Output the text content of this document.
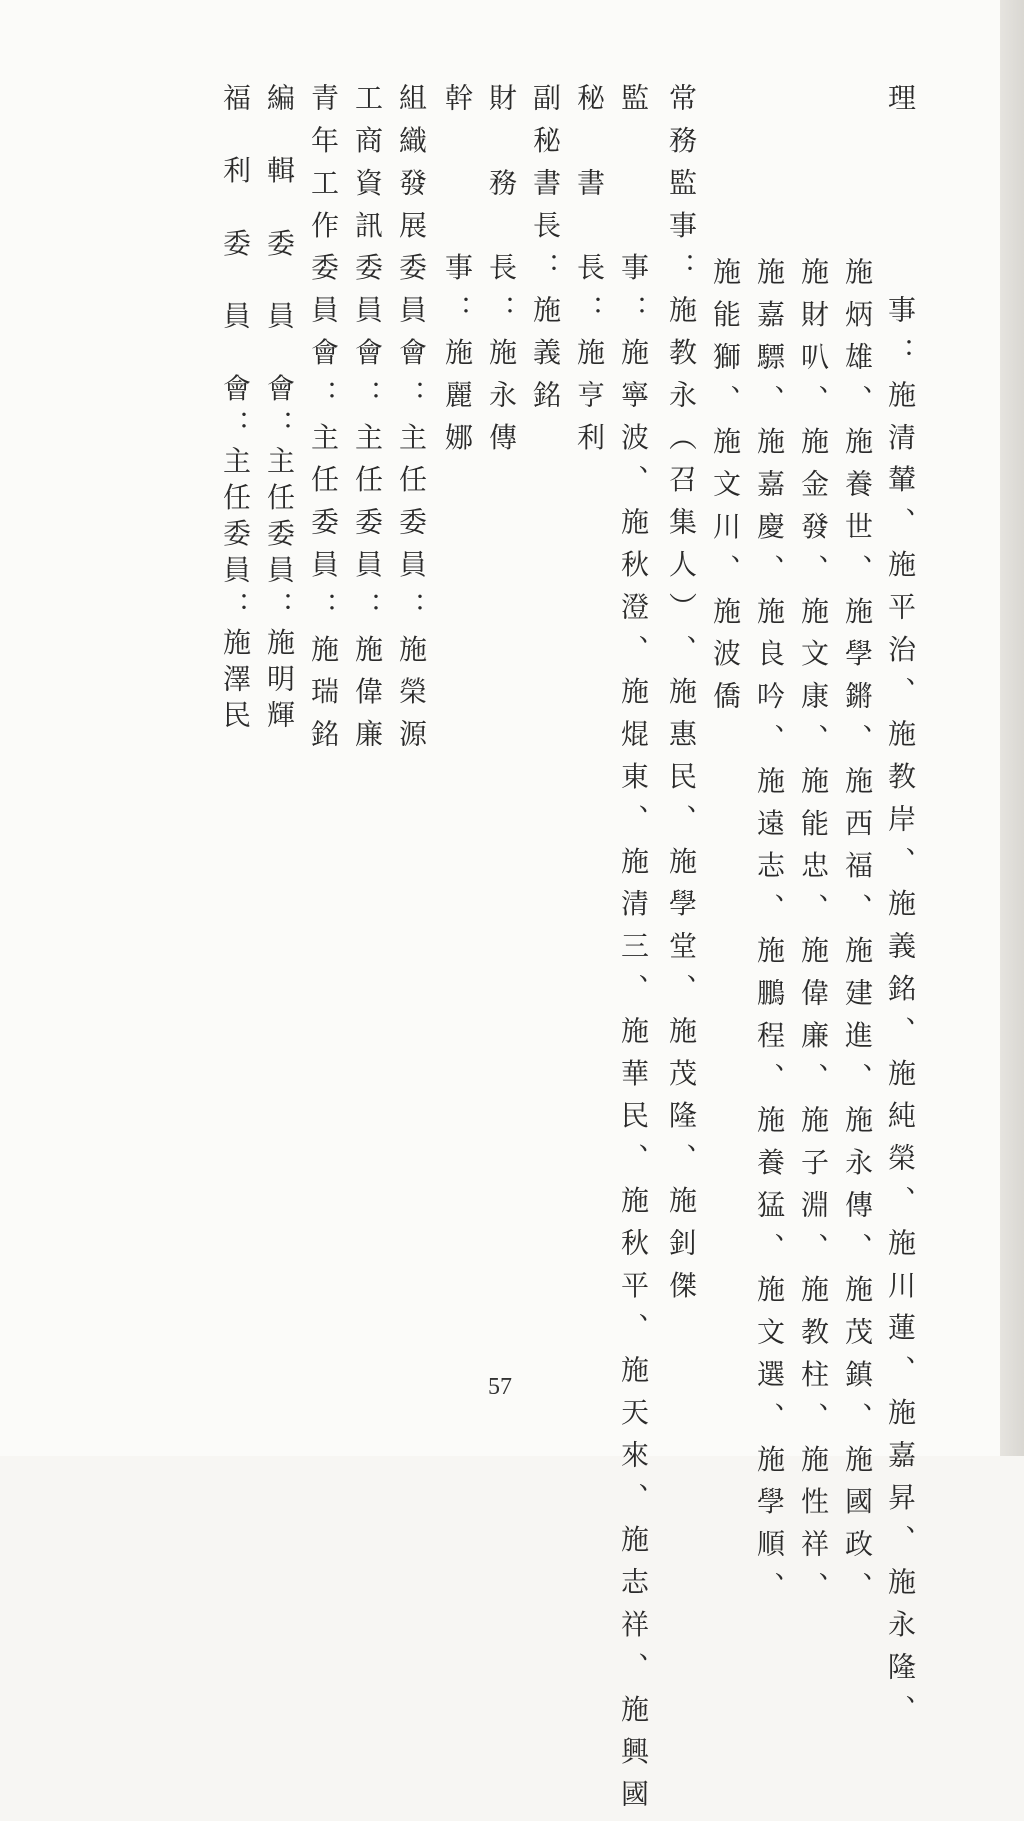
理　　　　事：施清輦、施平治、施教岸、施義銘、施純榮、施川蓮、施嘉昇、施永隆、
施炳雄、施養世、施學鏘、施西福、施建進、施永傳、施茂鎮、施國政、
施財叭、施金發、施文康、施能忠、施偉廉、施子淵、施教柱、施性祥、
施嘉驃、施嘉慶、施良吟、施遠志、施鵬程、施養猛、施文選、施學順、
施能獅、施文川、施波僑
常務監事：施教永︵召集人︶、施惠民、施學堂、施茂隆、施釗傑
監　　　事：施寧波、施秋澄、施焜東、施清三、施華民、施秋平、施天來、施志祥、施興國
秘　書　長：施亨利
副秘書長：施義銘
財　務　長：施永傳
幹　　　事：施麗娜
組織發展委員會：主任委員：施榮源
工商資訊委員會：主任委員：施偉廉
青年工作委員會：主任委員：施瑞銘
編　輯　委　員　會：主任委員：施明輝
福　利　委　員　會：主任委員：施澤民
57
